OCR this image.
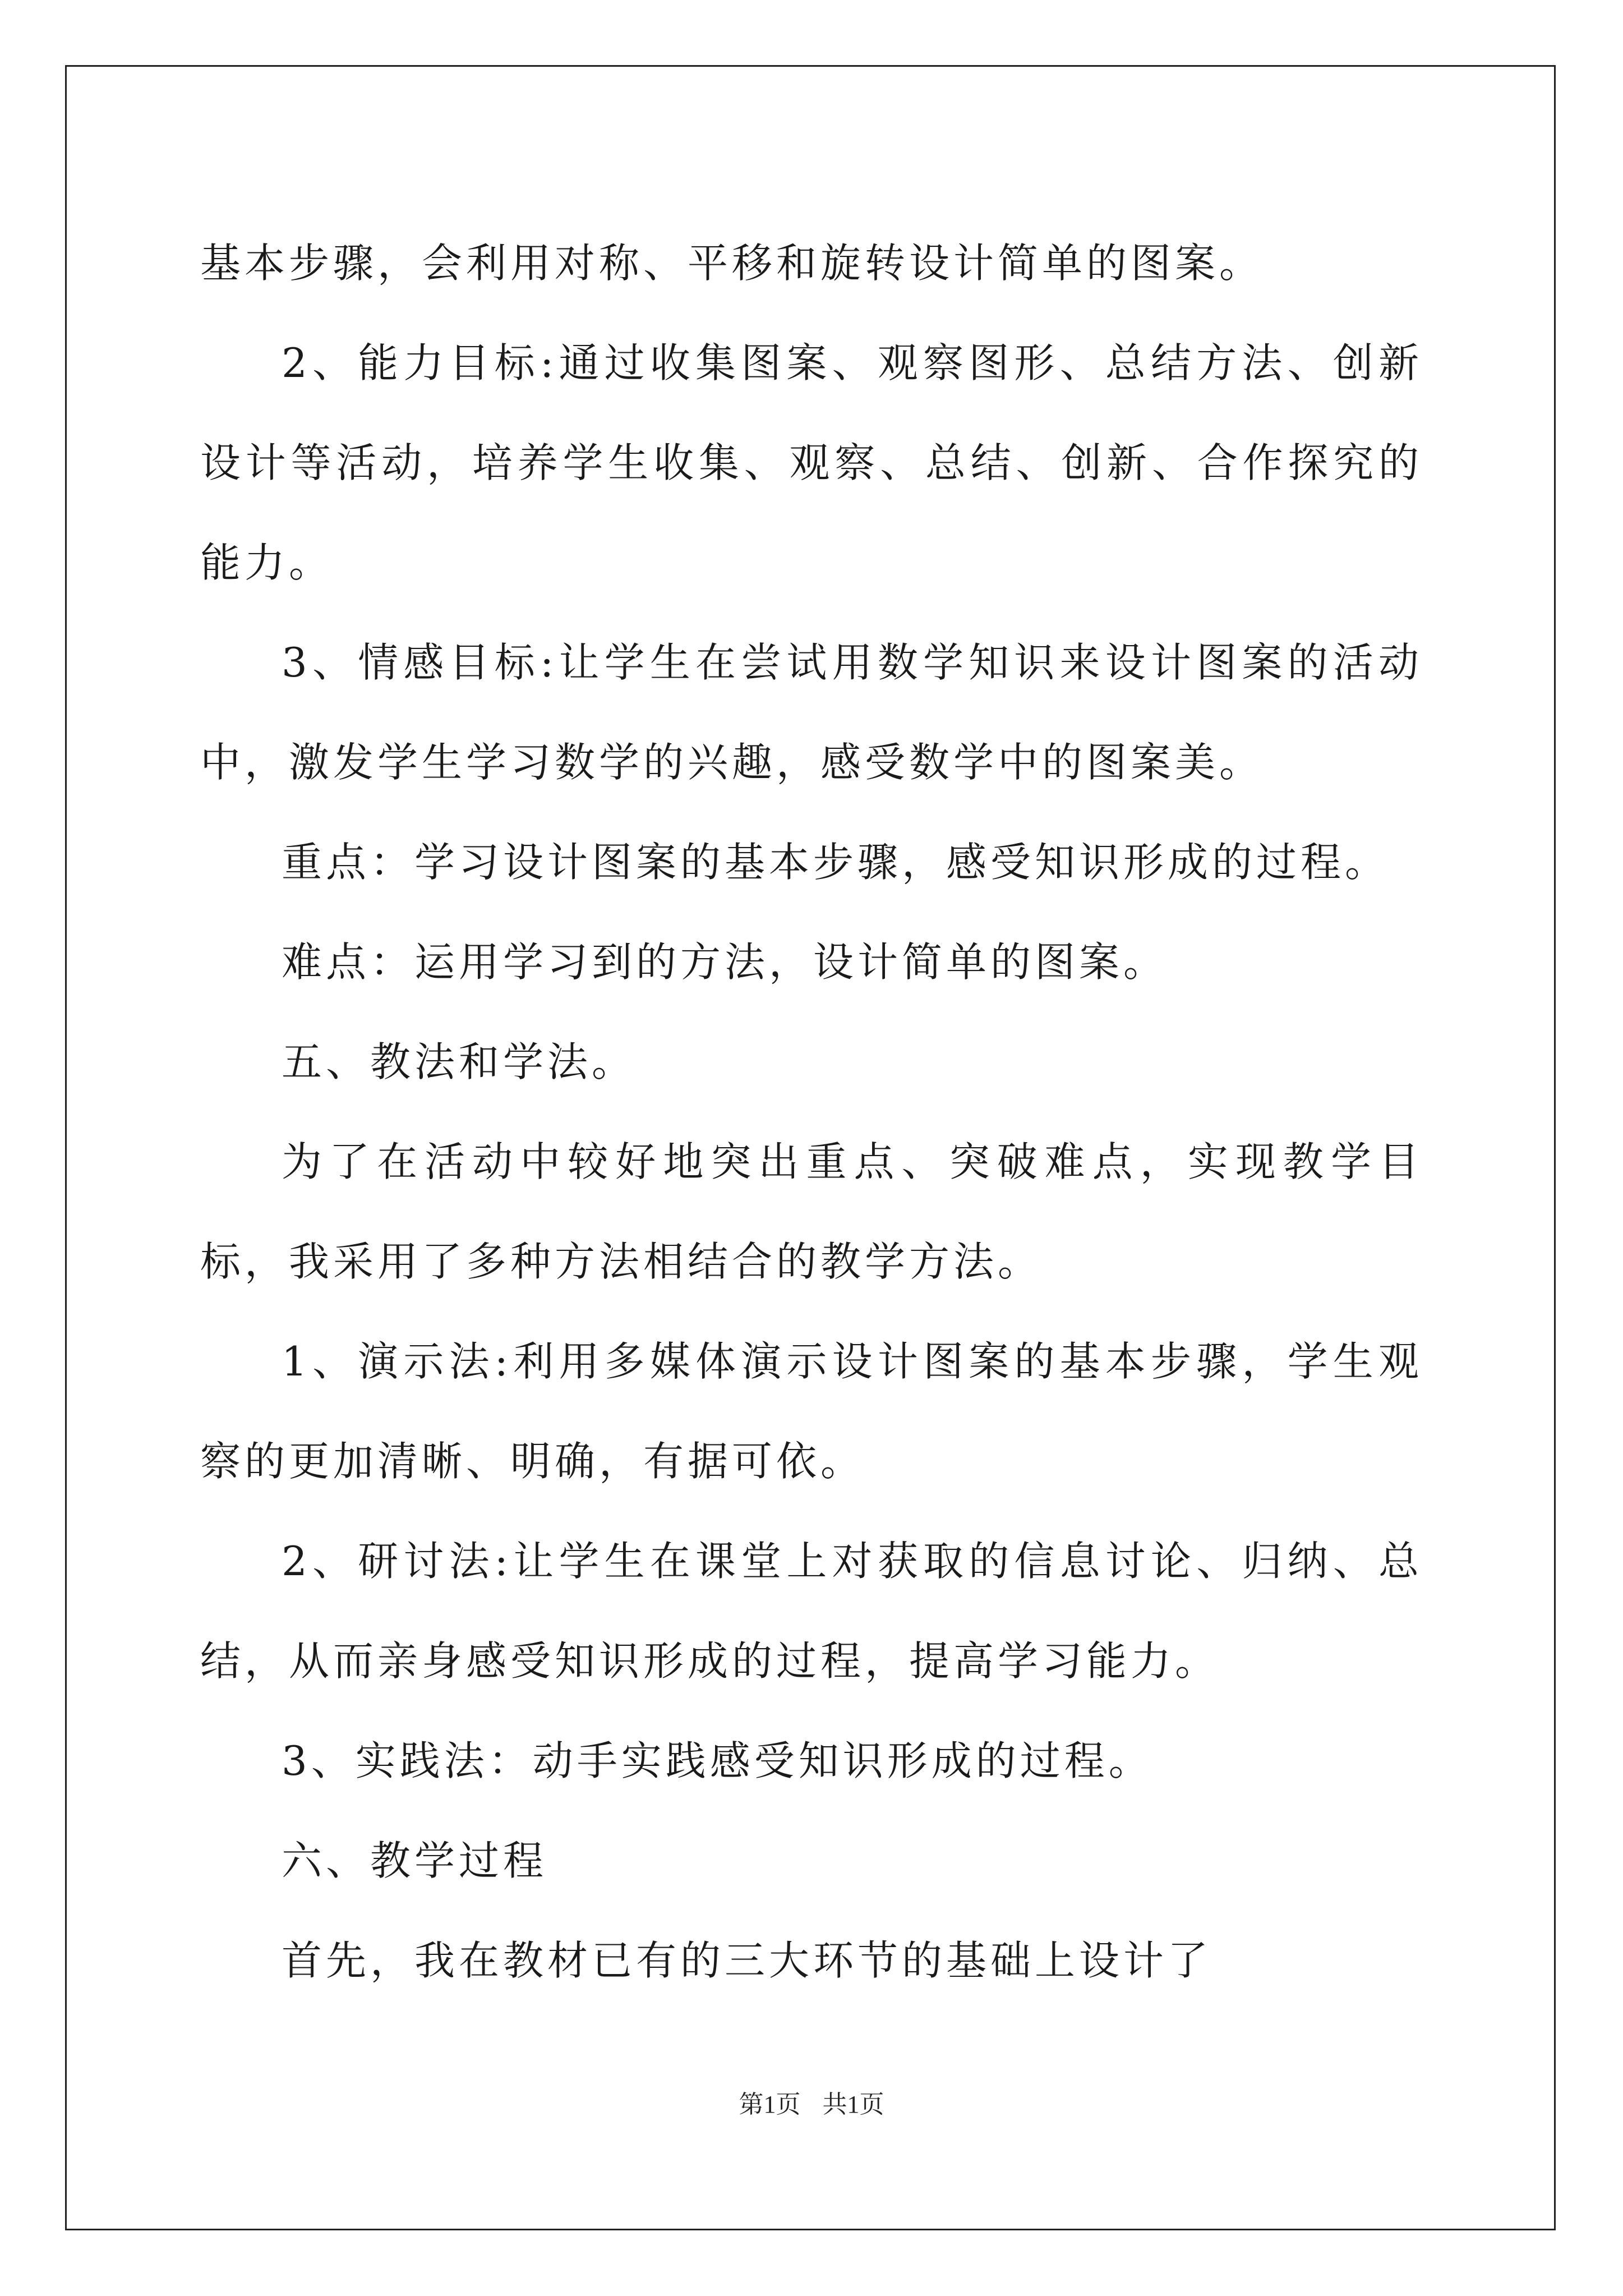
基本步骤，会利用对称、平移和旋转设计简单的图案。

2、能力目标:通过收集图案、观察图形、总结方法、创新设计等活动，培养学生收集、观察、总结、创新、合作探究的能力。

3、情感目标:让学生在尝试用数学知识来设计图案的活动中，激发学生学习数学的兴趣，感受数学中的图案美。

重点：学习设计图案的基本步骤，感受知识形成的过程。

难点：运用学习到的方法，设计简单的图案。

五、教法和学法。

为了在活动中较好地突出重点、突破难点，实现教学目标，我采用了多种方法相结合的教学方法。

1、演示法:利用多媒体演示设计图案的基本步骤，学生观察的更加清晰、明确，有据可依。

2、研讨法:让学生在课堂上对获取的信息讨论、归纳、总结，从而亲身感受知识形成的过程，提高学习能力。

3、实践法：动手实践感受知识形成的过程。

六、教学过程

首先，我在教材已有的三大环节的基础上设计了

第1页 共1页
